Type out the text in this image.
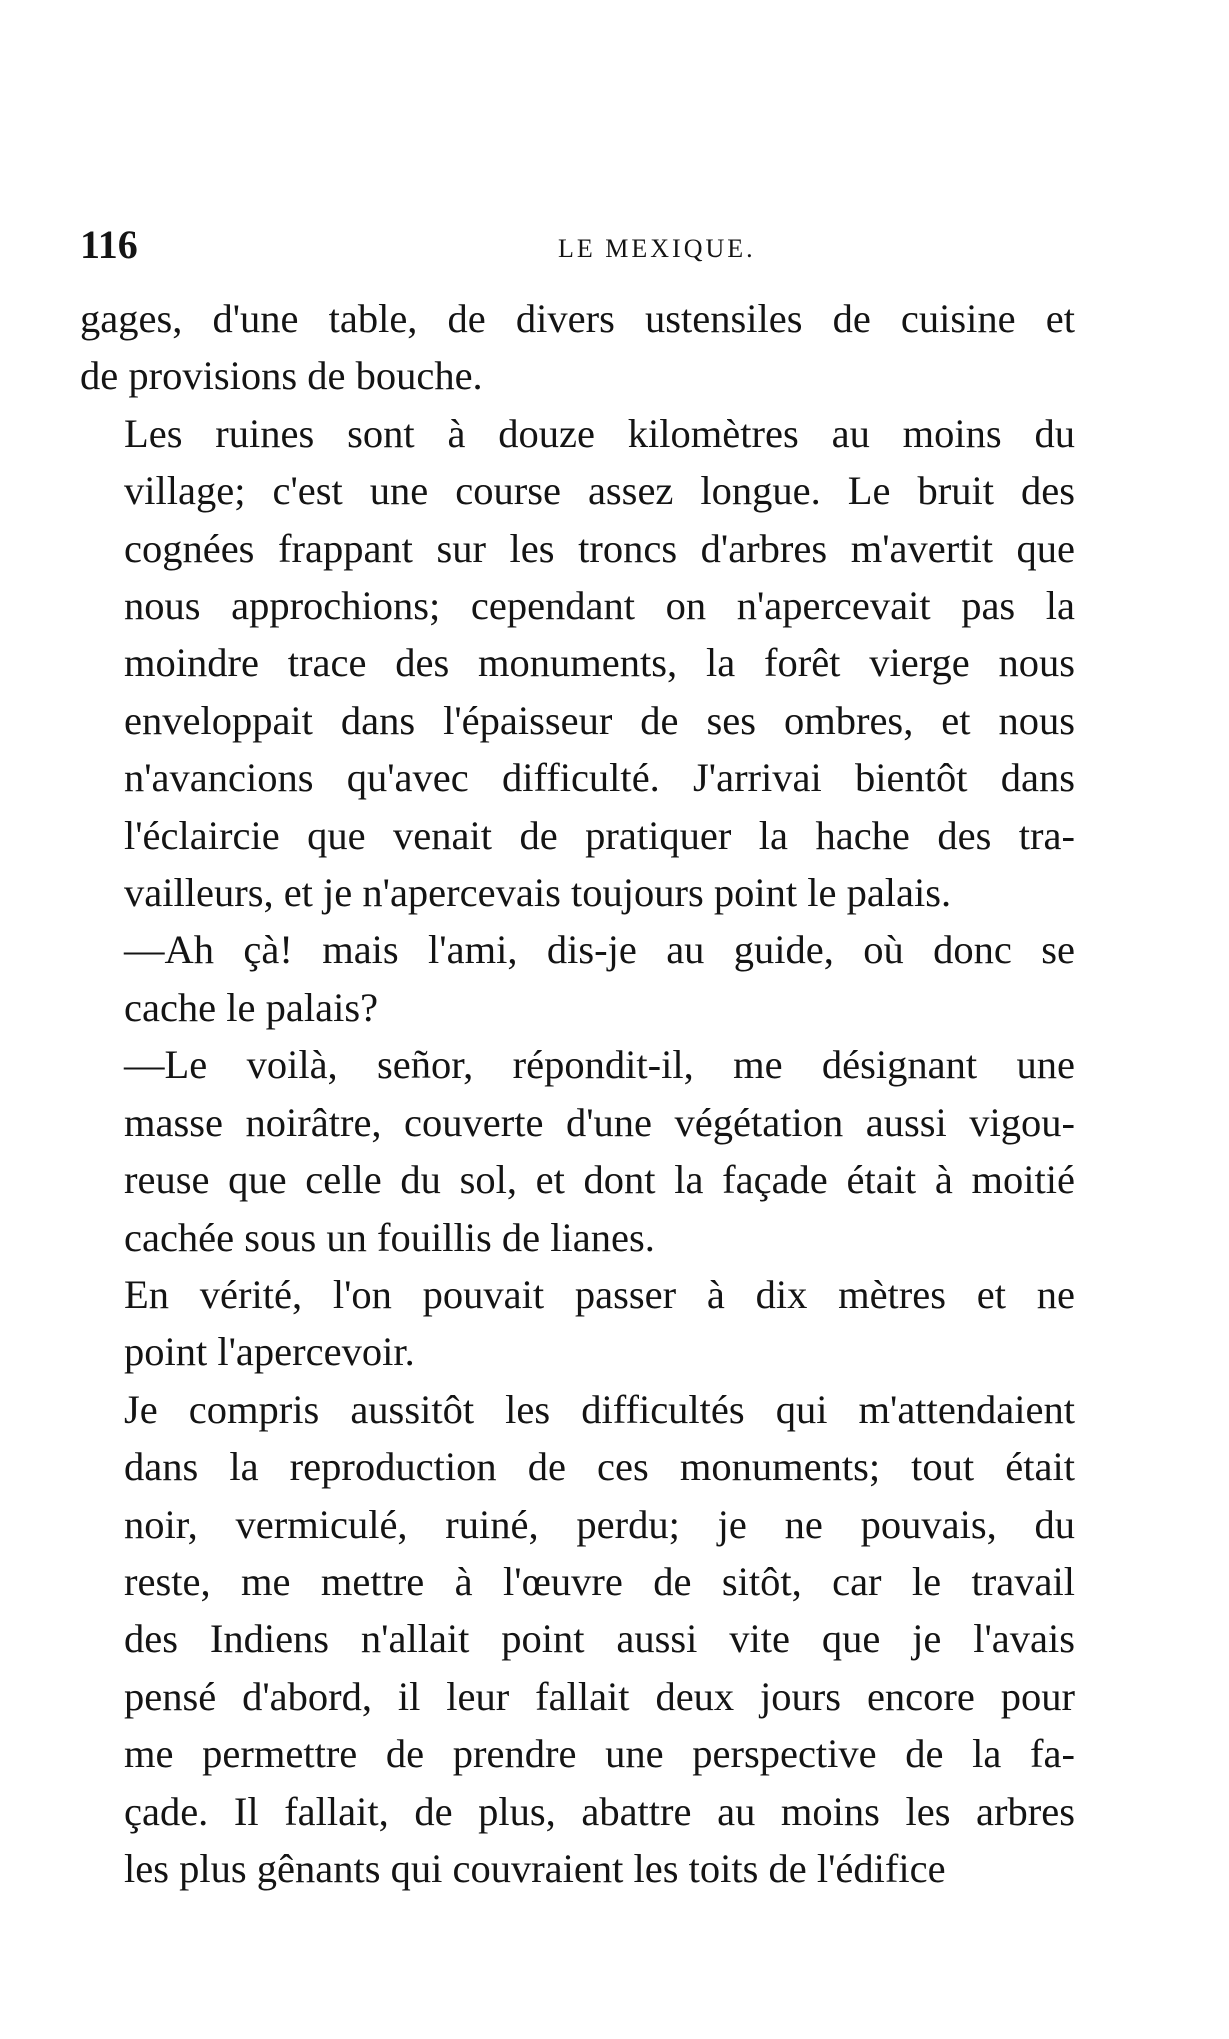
116	LE MEXIQUE.

gages, d'une table, de divers ustensiles de cuisine et
de provisions de bouche.

Les ruines sont à douze kilomètres au moins du
village; c'est une course assez longue. Le bruit des
cognées frappant sur les troncs d'arbres m'avertit que
nous approchions; cependant on n'apercevait pas la
moindre trace des monuments, la forêt vierge nous
enveloppait dans l'épaisseur de ses ombres, et nous
n'avancions qu'avec difficulté. J'arrivai bientôt dans
l'éclaircie que venait de pratiquer la hache des tra-
vailleurs, et je n'apercevais toujours point le palais.

—Ah çà! mais l'ami, dis-je au guide, où donc se
cache le palais?

—Le voilà, señor, répondit-il, me désignant une
masse noirâtre, couverte d'une végétation aussi vigou-
reuse que celle du sol, et dont la façade était à moitié
cachée sous un fouillis de lianes.

En vérité, l'on pouvait passer à dix mètres et ne
point l'apercevoir.

Je compris aussitôt les difficultés qui m'attendaient
dans la reproduction de ces monuments; tout était
noir, vermiculé, ruiné, perdu; je ne pouvais, du
reste, me mettre à l'œuvre de sitôt, car le travail
des Indiens n'allait point aussi vite que je l'avais
pensé d'abord, il leur fallait deux jours encore pour
me permettre de prendre une perspective de la fa-
çade. Il fallait, de plus, abattre au moins les arbres
les plus gênants qui couvraient les toits de l'édifice
